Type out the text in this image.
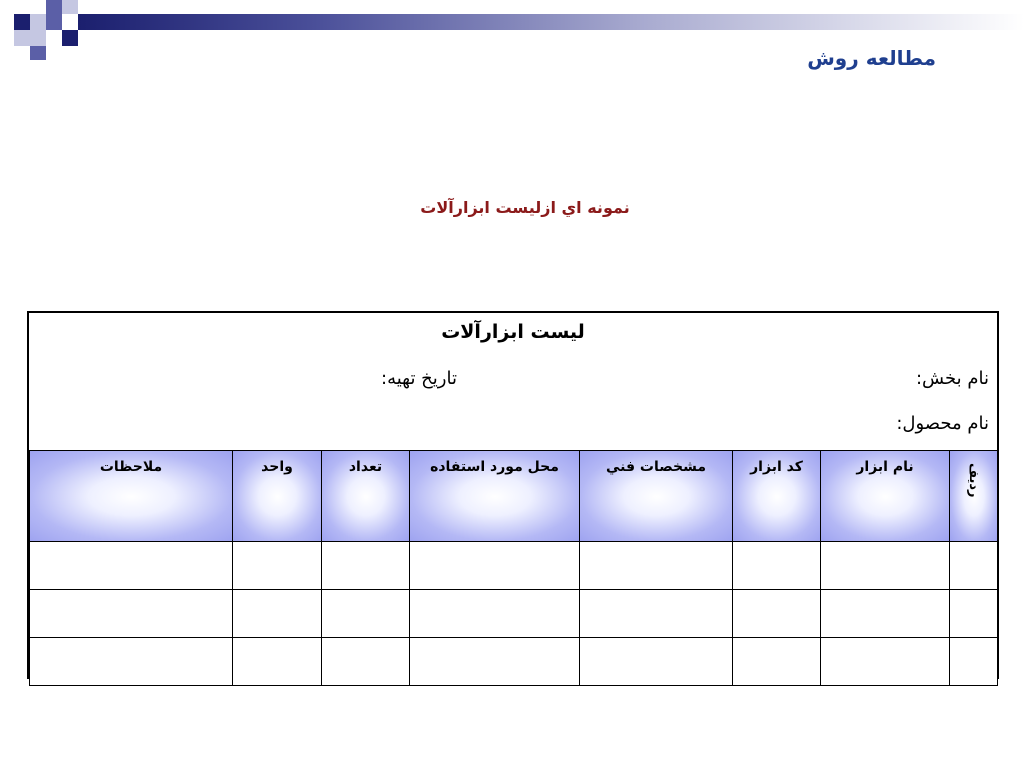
مطالعه روش
نمونه اي ازليست ابزارآلات
ليست ابزارآلات
نام بخش:
تاريخ تهيه:
نام محصول:
رديف	نام ابزار	كد ابزار	مشخصات فني	محل مورد استفاده	تعداد	واحد	ملاحظات
